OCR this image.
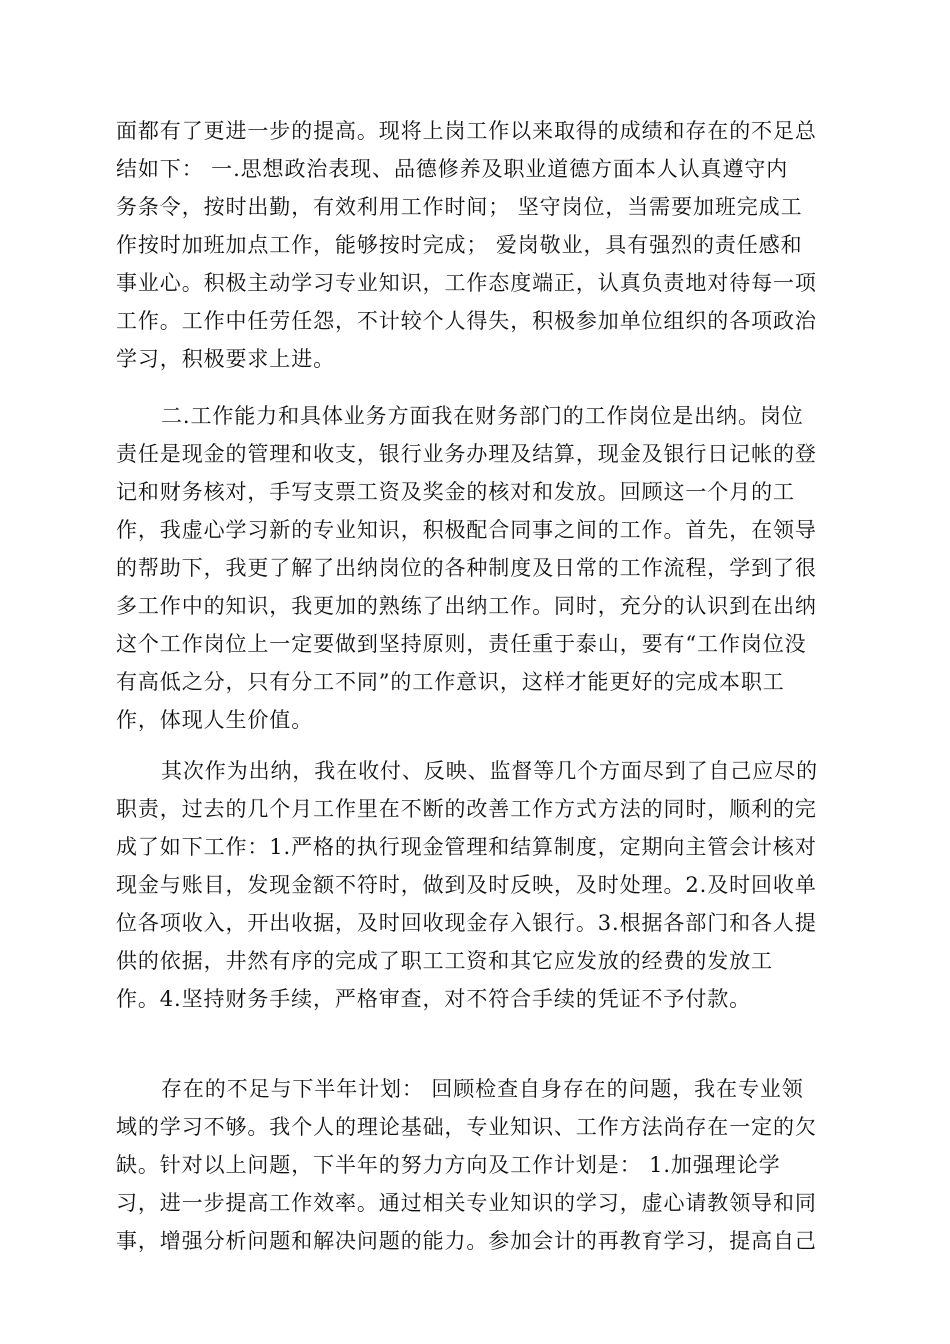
面都有了更进一步的提高。现将上岗工作以来取得的成绩和存在的不足总
结如下： 一.思想政治表现、品德修养及职业道德方面本人认真遵守内
务条令，按时出勤，有效利用工作时间； 坚守岗位，当需要加班完成工
作按时加班加点工作，能够按时完成； 爱岗敬业，具有强烈的责任感和
事业心。积极主动学习专业知识，工作态度端正，认真负责地对待每一项
工作。工作中任劳任怨，不计较个人得失，积极参加单位组织的各项政治
学习，积极要求上进。
二.工作能力和具体业务方面我在财务部门的工作岗位是出纳。岗位
责任是现金的管理和收支，银行业务办理及结算，现金及银行日记帐的登
记和财务核对，手写支票工资及奖金的核对和发放。回顾这一个月的工
作，我虚心学习新的专业知识，积极配合同事之间的工作。首先，在领导
的帮助下，我更了解了出纳岗位的各种制度及日常的工作流程，学到了很
多工作中的知识，我更加的熟练了出纳工作。同时，充分的认识到在出纳
这个工作岗位上一定要做到坚持原则，责任重于泰山，要有“工作岗位没
有高低之分，只有分工不同”的工作意识，这样才能更好的完成本职工
作，体现人生价值。
其次作为出纳，我在收付、反映、监督等几个方面尽到了自己应尽的
职责，过去的几个月工作里在不断的改善工作方式方法的同时，顺利的完
成了如下工作：1.严格的执行现金管理和结算制度，定期向主管会计核对
现金与账目，发现金额不符时，做到及时反映，及时处理。2.及时回收单
位各项收入，开出收据，及时回收现金存入银行。3.根据各部门和各人提
供的依据，井然有序的完成了职工工资和其它应发放的经费的发放工
作。4.坚持财务手续，严格审查，对不符合手续的凭证不予付款。
存在的不足与下半年计划： 回顾检查自身存在的问题，我在专业领
域的学习不够。我个人的理论基础，专业知识、工作方法尚存在一定的欠
缺。针对以上问题，下半年的努力方向及工作计划是： 1.加强理论学
习，进一步提高工作效率。通过相关专业知识的学习，虚心请教领导和同
事，增强分析问题和解决问题的能力。参加会计的再教育学习，提高自己
